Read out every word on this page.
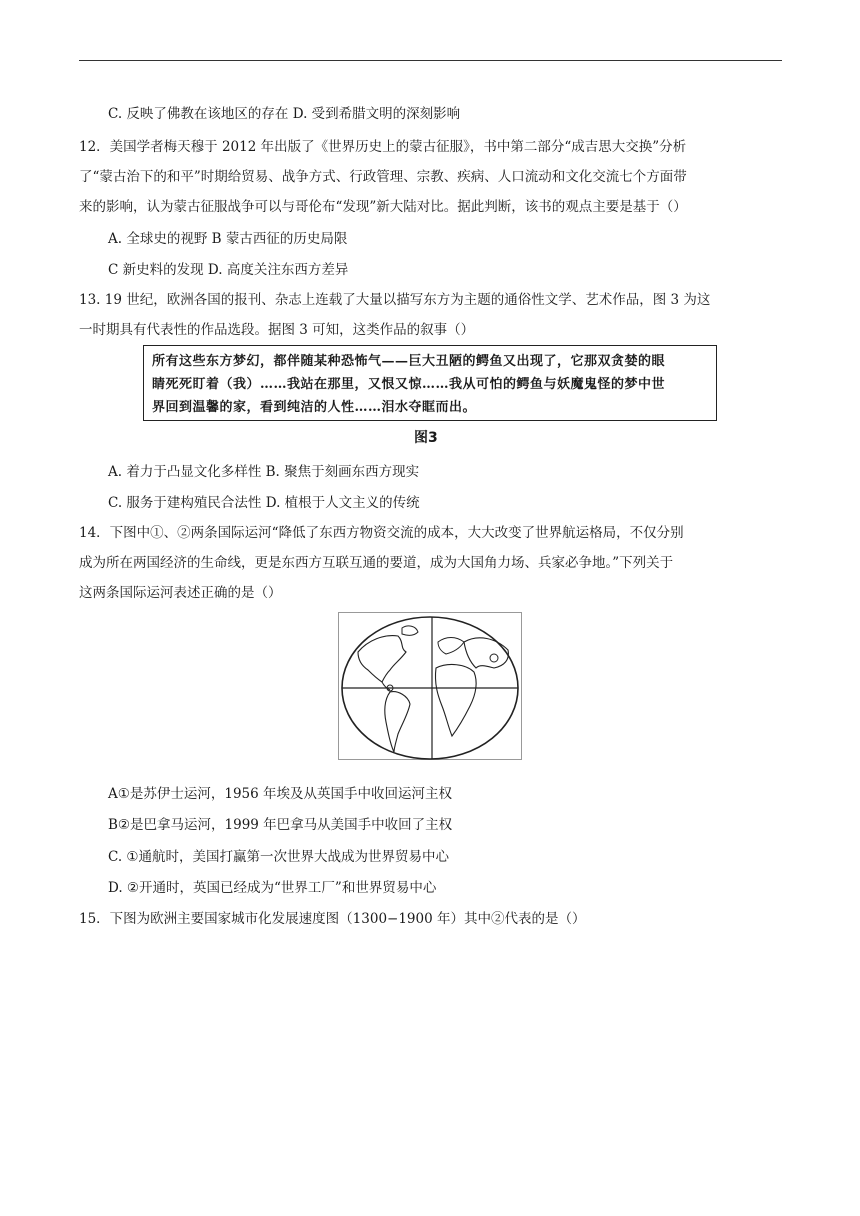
C. 反映了佛教在该地区的存在 D. 受到希腊文明的深刻影响
12．美国学者梅天穆于 2012 年出版了《世界历史上的蒙古征服》，书中第二部分“成吉思大交换”分析
了“蒙古治下的和平”时期给贸易、战争方式、行政管理、宗教、疾病、人口流动和文化交流七个方面带
来的影响，认为蒙古征服战争可以与哥伦布“发现”新大陆对比。据此判断，该书的观点主要是基于（）
A. 全球史的视野 B 蒙古西征的历史局限
C 新史料的发现 D. 高度关注东西方差异
13. 19 世纪，欧洲各国的报刊、杂志上连载了大量以描写东方为主题的通俗性文学、艺术作品，图 3 为这
一时期具有代表性的作品选段。据图 3 可知，这类作品的叙事（）
所有这些东方梦幻，都伴随某种恐怖气——巨大丑陋的鳄鱼又出现了，它那双贪婪的眼
睛死死盯着（我）……我站在那里，又恨又惊……我从可怕的鳄鱼与妖魔鬼怪的梦中世
界回到温馨的家，看到纯洁的人性……泪水夺眶而出。
图3
A. 着力于凸显文化多样性 B. 聚焦于刻画东西方现实
C. 服务于建构殖民合法性 D. 植根于人文主义的传统
14．下图中①、②两条国际运河“降低了东西方物资交流的成本，大大改变了世界航运格局，不仅分别
成为所在两国经济的生命线，更是东西方互联互通的要道，成为大国角力场、兵家必争地。”下列关于
这两条国际运河表述正确的是（）
A①是苏伊士运河，1956 年埃及从英国手中收回运河主权
B②是巴拿马运河，1999 年巴拿马从美国手中收回了主权
C. ①通航时，美国打赢第一次世界大战成为世界贸易中心
D. ②开通时，英国已经成为“世界工厂”和世界贸易中心
15．下图为欧洲主要国家城市化发展速度图（1300−1900 年）其中②代表的是（）
